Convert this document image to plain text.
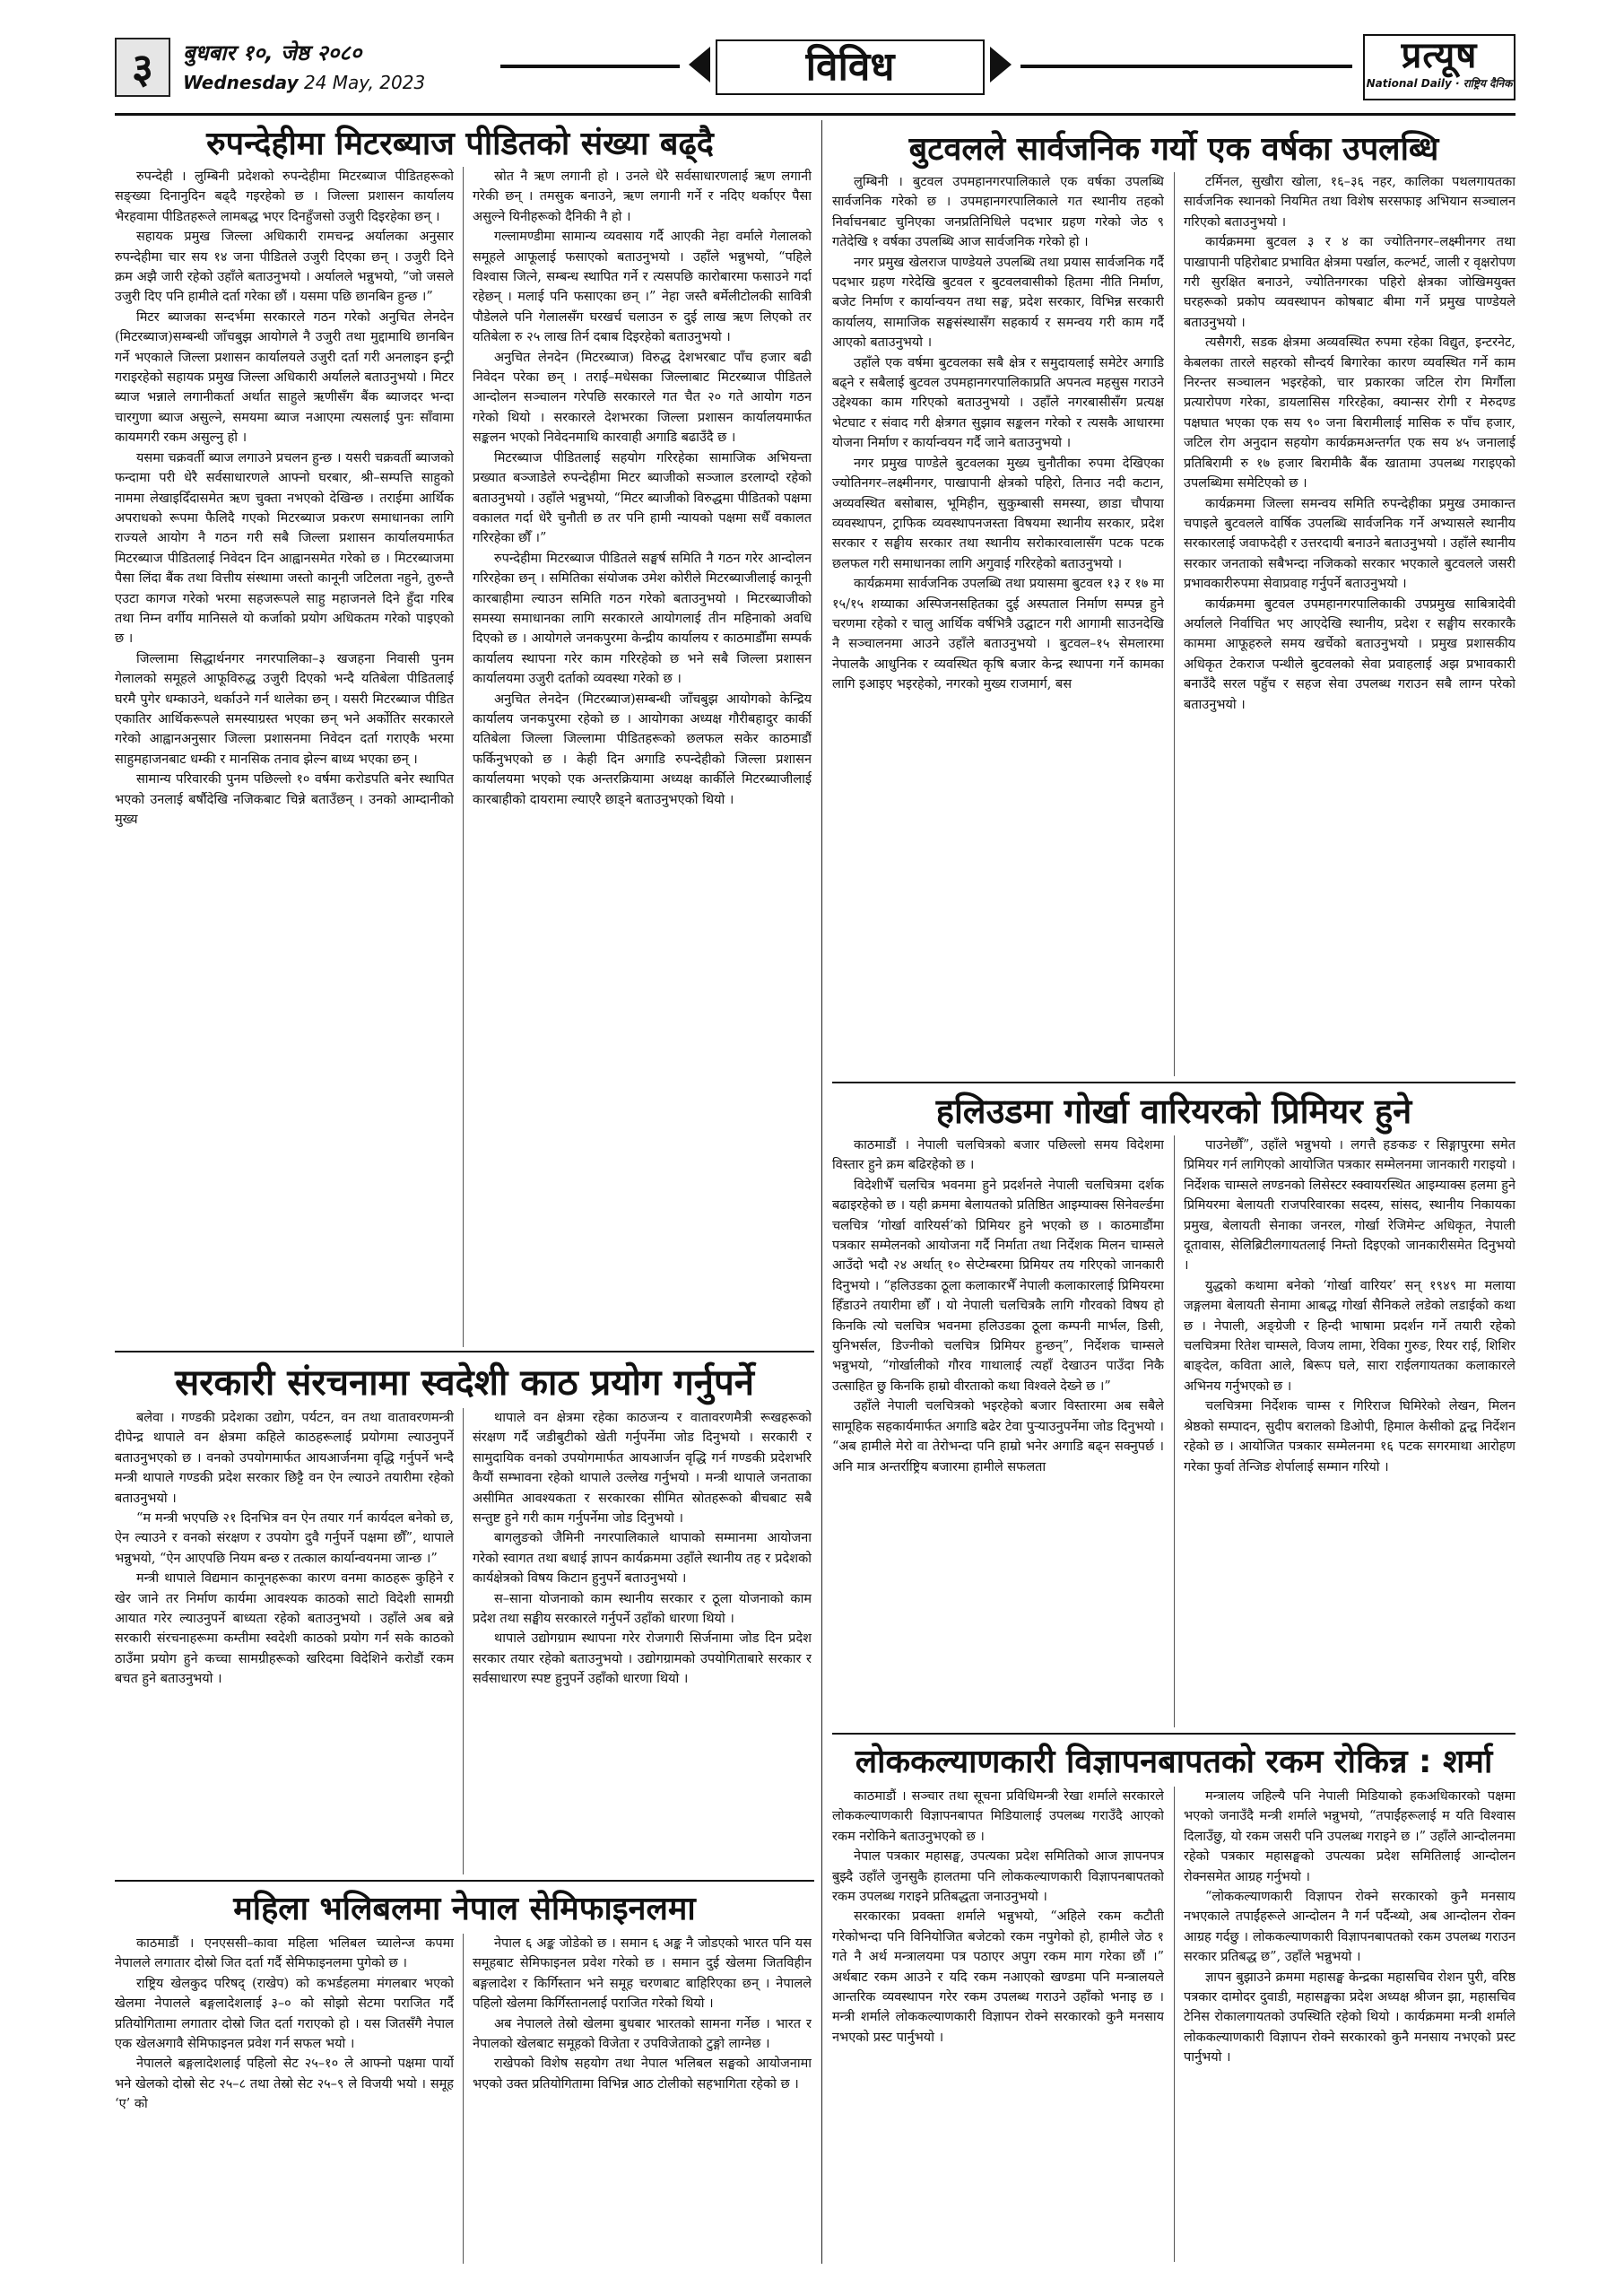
३	बुधबार १०, जेष्ठ २०८०
Wednesday 24 May, 2023	विविध	प्रत्यूष
National Daily · राष्ट्रिय दैनिक
रुपन्देहीमा मिटरब्याज पीडितको संख्या बढ्दै

रुपन्देही । लुम्बिनी प्रदेशको रुपन्देहीमा मिटरब्याज पीडितहरूको सङ्ख्या दिनानुदिन बढ्दै गइरहेको छ । जिल्ला प्रशासन कार्यालय भैरहवामा पीडितहरूले लामबद्ध भएर दिनहुँजसो उजुरी दिइरहेका छन् ।

सहायक प्रमुख जिल्ला अधिकारी रामचन्द्र अर्यालका अनुसार रुपन्देहीमा चार सय १४ जना पीडितले उजुरी दिएका छन् । उजुरी दिने क्रम अझै जारी रहेको उहाँले बताउनुभयो । अर्यालले भन्नुभयो, “जो जसले उजुरी दिए पनि हामीले दर्ता गरेका छौं । यसमा पछि छानबिन हुन्छ ।”

मिटर ब्याजका सन्दर्भमा सरकारले गठन गरेको अनुचित लेनदेन (मिटरब्याज)सम्बन्धी जाँचबुझ आयोगले नै उजुरी तथा मुद्दामाथि छानबिन गर्ने भएकाले जिल्ला प्रशासन कार्यालयले उजुरी दर्ता गरी अनलाइन इन्ट्री गराइरहेको सहायक प्रमुख जिल्ला अधिकारी अर्यालले बताउनुभयो । मिटर ब्याज भन्नाले लगानीकर्ता अर्थात साहुले ऋणीसँग बैंक ब्याजदर भन्दा चारगुणा ब्याज असुल्ने, समयमा ब्याज नआएमा त्यसलाई पुनः साँवामा कायमगरी रकम असुल्नु हो ।

यसमा चक्रवर्ती ब्याज लगाउने प्रचलन हुन्छ । यसरी चक्रवर्ती ब्याजको फन्दामा परी धेरै सर्वसाधारणले आफ्नो घरबार, श्री–सम्पत्ति साहुको नाममा लेखाइदिँदासमेत ऋण चुक्ता नभएको देखिन्छ । तराईमा आर्थिक अपराधको रूपमा फैलिदै गएको मिटरब्याज प्रकरण समाधानका लागि राज्यले आयोग नै गठन गरी सबै जिल्ला प्रशासन कार्यालयमार्फत मिटरब्याज पीडितलाई निवेदन दिन आह्वानसमेत गरेको छ । मिटरब्याजमा पैसा लिंदा बैंक तथा वित्तीय संस्थामा जस्तो कानूनी जटिलता नहुने, तुरुन्तै एउटा कागज गरेको भरमा सहजरूपले साहु महाजनले दिने हुँदा गरिब तथा निम्न वर्गीय मानिसले यो कर्जाको प्रयोग अधिकतम गरेको पाइएको छ ।

जिल्लामा सिद्धार्थनगर नगरपालिका–३ खजहना निवासी पुनम गेलालको समूहले आफूविरुद्ध उजुरी दिएको भन्दै यतिबेला पीडितलाई घरमै पुगेर धम्काउने, थर्काउने गर्न थालेका छन् । यसरी मिटरब्याज पीडित एकातिर आर्थिकरूपले समस्याग्रस्त भएका छन् भने अर्कोतिर सरकारले गरेको आह्वानअनुसार जिल्ला प्रशासनमा निवेदन दर्ता गराएकै भरमा साहुमहाजनबाट धम्की र मानसिक तनाव झेल्न बाध्य भएका छन् ।

सामान्य परिवारकी पुनम पछिल्लो १० वर्षमा करोडपति बनेर स्थापित भएको उनलाई बर्षौदेखि नजिकबाट चिन्ने बताउँछन् । उनको आम्दानीको मुख्य

स्रोत नै ऋण लगानी हो । उनले धेरै सर्वसाधारणलाई ऋण लगानी गरेकी छन् । तमसुक बनाउने, ऋण लगानी गर्ने र नदिए थर्काएर पैसा असुल्ने यिनीहरूको दैनिकी नै हो ।

गल्लामण्डीमा सामान्य व्यवसाय गर्दै आएकी नेहा वर्माले गेलालको समूहले आफूलाई फसाएको बताउनुभयो । उहाँले भन्नुभयो, “पहिले विश्वास जित्ने, सम्बन्ध स्थापित गर्ने र त्यसपछि कारोबारमा फसाउने गर्दा रहेछन् । मलाई पनि फसाएका छन् ।” नेहा जस्तै बर्मेलीटोलकी सावित्री पौडेलले पनि गेलालसँग घरखर्च चलाउन रु दुई लाख ऋण लिएको तर यतिबेला रु २५ लाख तिर्न दबाब दिइरहेको बताउनुभयो ।

अनुचित लेनदेन (मिटरब्याज) विरुद्ध देशभरबाट पाँच हजार बढी निवेदन परेका छन् । तराई–मधेसका जिल्लाबाट मिटरब्याज पीडितले आन्दोलन सञ्चालन गरेपछि सरकारले गत चैत २० गते आयोग गठन गरेको थियो । सरकारले देशभरका जिल्ला प्रशासन कार्यालयमार्फत सङ्कलन भएको निवेदनमाथि कारवाही अगाडि बढाउँदै छ ।

मिटरब्याज पीडितलाई सहयोग गरिरहेका सामाजिक अभियन्ता प्रख्यात बञ्जाडेले रुपन्देहीमा मिटर ब्याजीको सञ्जाल डरलाग्दो रहेको बताउनुभयो । उहाँले भन्नुभयो, “मिटर ब्याजीको विरुद्धमा पीडितको पक्षमा वकालत गर्दा धेरै चुनौती छ तर पनि हामी न्यायको पक्षमा सधैँ वकालत गरिरहेका छौँ ।”

रुपन्देहीमा मिटरब्याज पीडितले सङ्घर्ष समिति नै गठन गरेर आन्दोलन गरिरहेका छन् । समितिका संयोजक उमेश कोरीले मिटरब्याजीलाई कानूनी कारबाहीमा ल्याउन समिति गठन गरेको बताउनुभयो । मिटरब्याजीको समस्या समाधानका लागि सरकारले आयोगलाई तीन महिनाको अवधि दिएको छ । आयोगले जनकपुरमा केन्द्रीय कार्यालय र काठमाडौँमा सम्पर्क कार्यालय स्थापना गरेर काम गरिरहेको छ भने सबै जिल्ला प्रशासन कार्यालयमा उजुरी दर्ताको व्यवस्था गरेको छ ।

अनुचित लेनदेन (मिटरब्याज)सम्बन्धी जाँचबुझ आयोगको केन्द्रिय कार्यालय जनकपुरमा रहेको छ । आयोगका अध्यक्ष गौरीबहादुर कार्की यतिबेला जिल्ला जिल्लामा पीडितहरूको छलफल सकेर काठमाडौं फर्किनुभएको छ । केही दिन अगाडि रुपन्देहीको जिल्ला प्रशासन कार्यालयमा भएको एक अन्तरक्रियामा अध्यक्ष कार्कीले मिटरब्याजीलाई कारबाहीको दायरामा ल्याएरै छाड्ने बताउनुभएको थियो ।

बुटवलले सार्वजनिक गर्यो एक वर्षका उपलब्धि

लुम्बिनी । बुटवल उपमहानगरपालिकाले एक वर्षका उपलब्धि सार्वजनिक गरेको छ । उपमहानगरपालिकाले गत स्थानीय तहको निर्वाचनबाट चुनिएका जनप्रतिनिधिले पदभार ग्रहण गरेको जेठ ९ गतेदेखि १ वर्षका उपलब्धि आज सार्वजनिक गरेको हो ।

नगर प्रमुख खेलराज पाण्डेयले उपलब्धि तथा प्रयास सार्वजनिक गर्दै पदभार ग्रहण गरेदेखि बुटवल र बुटवलवासीको हितमा नीति निर्माण, बजेट निर्माण र कार्यान्वयन तथा सङ्घ, प्रदेश सरकार, विभिन्न सरकारी कार्यालय, सामाजिक सङ्घसंस्थासँग सहकार्य र समन्वय गरी काम गर्दै आएको बताउनुभयो ।

उहाँले एक वर्षमा बुटवलका सबै क्षेत्र र समुदायलाई समेटेर अगाडि बढ्ने र सबैलाई बुटवल उपमहानगरपालिकाप्रति अपनत्व महसुस गराउने उद्देश्यका काम गरिएको बताउनुभयो । उहाँले नगरबासीसँग प्रत्यक्ष भेटघाट र संवाद गरी क्षेत्रगत सुझाव सङ्कलन गरेको र त्यसकै आधारमा योजना निर्माण र कार्यान्वयन गर्दै जाने बताउनुभयो ।

नगर प्रमुख पाण्डेले बुटवलका मुख्य चुनौतीका रुपमा देखिएका ज्योतिनगर–लक्ष्मीनगर, पाखापानी क्षेत्रको पहिरो, तिनाउ नदी कटान, अव्यवस्थित बसोबास, भूमिहीन, सुकुम्बासी समस्या, छाडा चौपाया व्यवस्थापन, ट्राफिक व्यवस्थापनजस्ता विषयमा स्थानीय सरकार, प्रदेश सरकार र सङ्घीय सरकार तथा स्थानीय सरोकारवालासँग पटक पटक छलफल गरी समाधानका लागि अगुवाई गरिरहेको बताउनुभयो ।

कार्यक्रममा सार्वजनिक उपलब्धि तथा प्रयासमा बुटवल १३ र १७ मा १५/१५ शय्याका अस्पिजनसहितका दुई अस्पताल निर्माण सम्पन्न हुने चरणमा रहेको र चालु आर्थिक वर्षभित्रै उद्घाटन गरी आगामी साउनदेखि नै सञ्चालनमा आउने उहाँले बताउनुभयो । बुटवल–१५ सेमलारमा नेपालकै आधुनिक र व्यवस्थित कृषि बजार केन्द्र स्थापना गर्ने कामका लागि इआइए भइरहेको, नगरको मुख्य राजमार्ग, बस

टर्मिनल, सुखौरा खोला, १६–३६ नहर, कालिका पथलगायतका सार्वजनिक स्थानको नियमित तथा विशेष सरसफाइ अभियान सञ्चालन गरिएको बताउनुभयो ।

कार्यक्रममा बुटवल ३ र ४ का ज्योतिनगर–लक्ष्मीनगर तथा पाखापानी पहिरोबाट प्रभावित क्षेत्रमा पर्खाल, कल्भर्ट, जाली र वृक्षरोपण गरी सुरक्षित बनाउने, ज्योतिनगरका पहिरो क्षेत्रका जोखिमयुक्त घरहरूको प्रकोप व्यवस्थापन कोषबाट बीमा गर्ने प्रमुख पाण्डेयले बताउनुभयो ।

त्यसैगरी, सडक क्षेत्रमा अव्यवस्थित रुपमा रहेका विद्युत, इन्टरनेट, केबलका तारले सहरको सौन्दर्य बिगारेका कारण व्यवस्थित गर्ने काम निरन्तर सञ्चालन भइरहेको, चार प्रकारका जटिल रोग मिर्गौला प्रत्यारोपण गरेका, डायलासिस गरिरहेका, क्यान्सर रोगी र मेरुदण्ड पक्षघात भएका एक सय ९० जना बिरामीलाई मासिक रु पाँच हजार, जटिल रोग अनुदान सहयोग कार्यक्रमअन्तर्गत एक सय ४५ जनालाई प्रतिबिरामी रु १७ हजार बिरामीकै बैंक खातामा उपलब्ध गराइएको उपलब्धिमा समेटिएको छ ।

कार्यक्रममा जिल्ला समन्वय समिति रुपन्देहीका प्रमुख उमाकान्त चपाइले बुटवलले वार्षिक उपलब्धि सार्वजनिक गर्ने अभ्यासले स्थानीय सरकारलाई जवाफदेही र उत्तरदायी बनाउने बताउनुभयो । उहाँले स्थानीय सरकार जनताको सबैभन्दा नजिकको सरकार भएकाले बुटवलले जसरी प्रभावकारीरुपमा सेवाप्रवाह गर्नुपर्ने बताउनुभयो ।

कार्यक्रममा बुटवल उपमहानगरपालिकाकी उपप्रमुख साबित्रादेवी अर्यालले निर्वाचित भए आएदेखि स्थानीय, प्रदेश र सङ्घीय सरकारकै काममा आफूहरुले समय खर्चेको बताउनुभयो । प्रमुख प्रशासकीय अधिकृत टेकराज पन्थीले बुटवलको सेवा प्रवाहलाई अझ प्रभावकारी बनाउँदै सरल पहुँच र सहज सेवा उपलब्ध गराउन सबै लाग्न परेको बताउनुभयो ।

हलिउडमा गोर्खा वारियरको प्रिमियर हुने

काठमाडौं । नेपाली चलचित्रको बजार पछिल्लो समय विदेशमा विस्तार हुने क्रम बढिरहेको छ ।

विदेशीभैँ चलचित्र भवनमा हुने प्रदर्शनले नेपाली चलचित्रमा दर्शक बढाइरहेको छ । यही क्रममा बेलायतको प्रतिष्ठित आइम्याक्स सिनेवर्ल्डमा चलचित्र ‘गोर्खा वारियर्स’को प्रिमियर हुने भएको छ । काठमाडौंमा पत्रकार सम्मेलनको आयोजना गर्दै निर्माता तथा निर्देशक मिलन चाम्सले आउँदो भदौ २४ अर्थात् १० सेप्टेम्बरमा प्रिमियर तय गरिएको जानकारी दिनुभयो । “हलिउडका ठूला कलाकारभैँ नेपाली कलाकारलाई प्रिमियरमा हिँडाउने तयारीमा छौँ । यो नेपाली चलचित्रकै लागि गौरवको विषय हो किनकि त्यो चलचित्र भवनमा हलिउडका ठूला कम्पनी मार्भल, डिसी, युनिभर्सल, डिज्नीको चलचित्र प्रिमियर हुन्छन्”, निर्देशक चाम्सले भन्नुभयो, “गोर्खालीको गौरव गाथालाई त्यहाँ देखाउन पाउँदा निकै उत्साहित छु किनकि हाम्रो वीरताको कथा विश्वले देख्ने छ ।”

उहाँले नेपाली चलचित्रको भइरहेको बजार विस्तारमा अब सबैले सामूहिक सहकार्यमार्फत अगाडि बढेर टेवा पुऱ्याउनुपर्नेमा जोड दिनुभयो । “अब हामीले मेरो वा तेरोभन्दा पनि हाम्रो भनेर अगाडि बढ्न सक्नुपर्छ । अनि मात्र अन्तर्राष्ट्रिय बजारमा हामीले सफलता

पाउनेछौँ”, उहाँले भन्नुभयो । लगत्तै हङकङ र सिङ्गापुरमा समेत प्रिमियर गर्न लागिएको आयोजित पत्रकार सम्मेलनमा जानकारी गराइयो । निर्देशक चाम्सले लण्डनको लिसेस्टर स्क्वायरस्थित आइम्याक्स हलमा हुने प्रिमियरमा बेलायती राजपरिवारका सदस्य, सांसद, स्थानीय निकायका प्रमुख, बेलायती सेनाका जनरल, गोर्खा रेजिमेन्ट अधिकृत, नेपाली दूतावास, सेलिब्रिटीलगायतलाई निम्तो दिइएको जानकारीसमेत दिनुभयो ।

युद्धको कथामा बनेको ‘गोर्खा वारियर’ सन् १९४९ मा मलाया जङ्गलमा बेलायती सेनामा आबद्ध गोर्खा सैनिकले लडेको लडाईको कथा छ । नेपाली, अङ्ग्रेजी र हिन्दी भाषामा प्रदर्शन गर्ने तयारी रहेको चलचित्रमा रितेश चाम्सले, विजय लामा, रेविका गुरुङ, रियर राई, शिशिर बाङ्देल, कविता आले, बिरूप घले, सारा राईलगायतका कलाकारले अभिनय गर्नुभएको छ ।

चलचित्रमा निर्देशक चाम्स र गिरिराज घिमिरेको लेखन, मिलन श्रेष्ठको सम्पादन, सुदीप बरालको डिओपी, हिमाल केसीको द्वन्द्व निर्देशन रहेको छ । आयोजित पत्रकार सम्मेलनमा १६ पटक सगरमाथा आरोहण गरेका फुर्वा तेन्जिङ शेर्पालाई सम्मान गरियो ।

सरकारी संरचनामा स्वदेशी काठ प्रयोग गर्नुपर्ने

बलेवा । गण्डकी प्रदेशका उद्योग, पर्यटन, वन तथा वातावरणमन्त्री दीपेन्द्र थापाले वन क्षेत्रमा कहिले काठहरूलाई प्रयोगमा ल्याउनुपर्ने बताउनुभएको छ । वनको उपयोगमार्फत आयआर्जनमा वृद्धि गर्नुपर्ने भन्दै मन्त्री थापाले गण्डकी प्रदेश सरकार छिट्टै वन ऐन ल्याउने तयारीमा रहेको बताउनुभयो ।

“म मन्त्री भएपछि २१ दिनभित्र वन ऐन तयार गर्न कार्यदल बनेको छ, ऐन ल्याउने र वनको संरक्षण र उपयोग दुवै गर्नुपर्ने पक्षमा छौँ”, थापाले भन्नुभयो, “ऐन आएपछि नियम बन्छ र तत्काल कार्यान्वयनमा जान्छ ।”

मन्त्री थापाले विद्यमान कानूनहरूका कारण वनमा काठहरू कुहिने र खेर जाने तर निर्माण कार्यमा आवश्यक काठको साटो विदेशी सामग्री आयात गरेर ल्याउनुपर्ने बाध्यता रहेको बताउनुभयो । उहाँले अब बन्ने सरकारी संरचनाहरूमा कम्तीमा स्वदेशी काठको प्रयोग गर्न सके काठको ठाउँमा प्रयोग हुने कच्चा सामग्रीहरूको खरिदमा विदेशिने करोडौं रकम बचत हुने बताउनुभयो ।

थापाले वन क्षेत्रमा रहेका काठजन्य र वातावरणमैत्री रूखहरूको संरक्षण गर्दै जडीबुटीको खेती गर्नुपर्नेमा जोड दिनुभयो । सरकारी र सामुदायिक वनको उपयोगमार्फत आयआर्जन वृद्धि गर्न गण्डकी प्रदेशभरि कैयौं सम्भावना रहेको थापाले उल्लेख गर्नुभयो । मन्त्री थापाले जनताका असीमित आवश्यकता र सरकारका सीमित स्रोतहरूको बीचबाट सबै सन्तुष्ट हुने गरी काम गर्नुपर्नेमा जोड दिनुभयो ।

बागलुङको जैमिनी नगरपालिकाले थापाको सम्मानमा आयोजना गरेको स्वागत तथा बधाई ज्ञापन कार्यक्रममा उहाँले स्थानीय तह र प्रदेशको कार्यक्षेत्रको विषय किटान हुनुपर्ने बताउनुभयो ।

स–साना योजनाको काम स्थानीय सरकार र ठूला योजनाको काम प्रदेश तथा सङ्घीय सरकारले गर्नुपर्ने उहाँको धारणा थियो ।

थापाले उद्योगग्राम स्थापना गरेर रोजगारी सिर्जनामा जोड दिन प्रदेश सरकार तयार रहेको बताउनुभयो । उद्योगग्रामको उपयोगिताबारे सरकार र सर्वसाधारण स्पष्ट हुनुपर्ने उहाँको धारणा थियो ।

लोककल्याणकारी विज्ञापनबापतको रकम रोकिन्न : शर्मा

काठमाडौं । सञ्चार तथा सूचना प्रविधिमन्त्री रेखा शर्माले सरकारले लोककल्याणकारी विज्ञापनबापत मिडियालाई उपलब्ध गराउँदै आएको रकम नरोकिने बताउनुभएको छ ।

नेपाल पत्रकार महासङ्घ, उपत्यका प्रदेश समितिको आज ज्ञापनपत्र बुझ्दै उहाँले जुनसुकै हालतमा पनि लोककल्याणकारी विज्ञापनबापतको रकम उपलब्ध गराइने प्रतिबद्धता जनाउनुभयो ।

सरकारका प्रवक्ता शर्माले भन्नुभयो, “अहिले रकम कटौती गरेकोभन्दा पनि विनियोजित बजेटको रकम नपुगेको हो, हामीले जेठ १ गते नै अर्थ मन्त्रालयमा पत्र पठाएर अपुग रकम माग गरेका छौं ।” अर्थबाट रकम आउने र यदि रकम नआएको खण्डमा पनि मन्त्रालयले आन्तरिक व्यवस्थापन गरेर रकम उपलब्ध गराउने उहाँको भनाइ छ । मन्त्री शर्माले लोककल्याणकारी विज्ञापन रोक्ने सरकारको कुनै मनसाय नभएको प्रस्ट पार्नुभयो ।

मन्त्रालय जहिल्यै पनि नेपाली मिडियाको हकअधिकारको पक्षमा भएको जनाउँदै मन्त्री शर्माले भन्नुभयो, “तपाईंहरूलाई म यति विश्वास दिलाउँछु, यो रकम जसरी पनि उपलब्ध गराइने छ ।” उहाँले आन्दोलनमा रहेको पत्रकार महासङ्घको उपत्यका प्रदेश समितिलाई आन्दोलन रोक्नसमेत आग्रह गर्नुभयो ।

“लोककल्याणकारी विज्ञापन रोक्ने सरकारको कुनै मनसाय नभएकाले तपाईंहरूले आन्दोलन नै गर्न पर्दैन्थ्यो, अब आन्दोलन रोक्न आग्रह गर्दछु । लोककल्याणकारी विज्ञापनबापतको रकम उपलब्ध गराउन सरकार प्रतिबद्ध छ”, उहाँले भन्नुभयो ।

ज्ञापन बुझाउने क्रममा महासङ्घ केन्द्रका महासचिव रोशन पुरी, वरिष्ठ पत्रकार दामोदर दुवाडी, महासङ्घका प्रदेश अध्यक्ष श्रीजन झा, महासचिव टेनिस रोकालगायतको उपस्थिति रहेको थियो । कार्यक्रममा मन्त्री शर्माले लोककल्याणकारी विज्ञापन रोक्ने सरकारको कुनै मनसाय नभएको प्रस्ट पार्नुभयो ।

महिला भलिबलमा नेपाल सेमिफाइनलमा

काठमाडौं । एनएससी–कावा महिला भलिबल च्यालेन्ज कपमा नेपालले लगातार दोस्रो जित दर्ता गर्दै सेमिफाइनलमा पुगेको छ ।

राष्ट्रिय खेलकुद परिषद् (राखेप) को कभर्डहलमा मंगलबार भएको खेलमा नेपालले बङ्गलादेशलाई ३–० को सोझो सेटमा पराजित गर्दै प्रतियोगितामा लगातार दोस्रो जित दर्ता गराएको हो । यस जितसँगै नेपाल एक खेलअगावै सेमिफाइनल प्रवेश गर्न सफल भयो ।

नेपालले बङ्गलादेशलाई पहिलो सेट २५–१० ले आफ्नो पक्षमा पार्यो भने खेलको दोस्रो सेट २५–८ तथा तेस्रो सेट २५–९ ले विजयी भयो । समूह ‘ए’ को

नेपाल ६ अङ्क जोडेको छ । समान ६ अङ्क नै जोडएको भारत पनि यस समूहबाट सेमिफाइनल प्रवेश गरेको छ । समान दुई खेलमा जितविहीन बङ्गलादेश र किर्गिस्तान भने समूह चरणबाट बाहिरिएका छन् । नेपालले पहिलो खेलमा किर्गिस्तानलाई पराजित गरेको थियो ।

अब नेपालले तेस्रो खेलमा बुधबार भारतको सामना गर्नेछ । भारत र नेपालको खेलबाट समूहको विजेता र उपविजेताको टुङ्गो लाग्नेछ ।

राखेपको विशेष सहयोग तथा नेपाल भलिबल सङ्घको आयोजनामा भएको उक्त प्रतियोगितामा विभिन्न आठ टोलीको सहभागिता रहेको छ ।
